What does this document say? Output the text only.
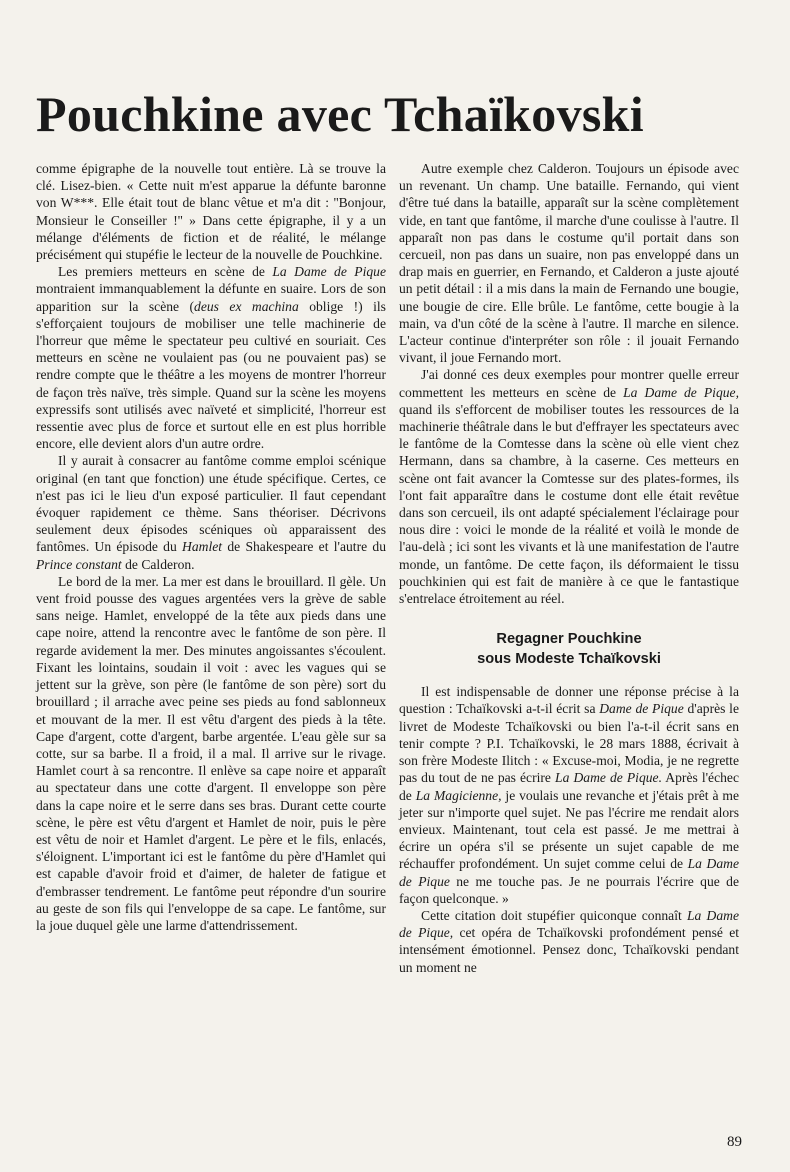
Pouchkine avec Tchaïkovski

comme épigraphe de la nouvelle tout entière. Là se trouve la clé. Lisez-bien. « Cette nuit m'est apparue la défunte baronne von W***. Elle était tout de blanc vêtue et m'a dit : ''Bonjour, Monsieur le Conseiller !'' » Dans cette épigraphe, il y a un mélange d'éléments de fiction et de réalité, le mélange précisément qui stupéfie le lecteur de la nouvelle de Pouchkine.

Les premiers metteurs en scène de La Dame de Pique montraient immanquablement la défunte en suaire. Lors de son apparition sur la scène (deus ex machina oblige !) ils s'efforçaient toujours de mobiliser une telle machinerie de l'horreur que même le spectateur peu cultivé en souriait. Ces metteurs en scène ne voulaient pas (ou ne pouvaient pas) se rendre compte que le théâtre a les moyens de montrer l'horreur de façon très naïve, très simple. Quand sur la scène les moyens expressifs sont utilisés avec naïveté et simplicité, l'horreur est ressentie avec plus de force et surtout elle en est plus horrible encore, elle devient alors d'un autre ordre.

Il y aurait à consacrer au fantôme comme emploi scénique original (en tant que fonction) une étude spécifique. Certes, ce n'est pas ici le lieu d'un exposé particulier. Il faut cependant évoquer rapidement ce thème. Sans théoriser. Décrivons seulement deux épisodes scéniques où apparaissent des fantômes. Un épisode du Hamlet de Shakespeare et l'autre du Prince constant de Calderon.

Le bord de la mer. La mer est dans le brouillard. Il gèle. Un vent froid pousse des vagues argentées vers la grève de sable sans neige. Hamlet, enveloppé de la tête aux pieds dans une cape noire, attend la rencontre avec le fantôme de son père. Il regarde avidement la mer. Des minutes angoissantes s'écoulent. Fixant les lointains, soudain il voit : avec les vagues qui se jettent sur la grève, son père (le fantôme de son père) sort du brouillard ; il arrache avec peine ses pieds au fond sablonneux et mouvant de la mer. Il est vêtu d'argent des pieds à la tête. Cape d'argent, cotte d'argent, barbe argentée. L'eau gèle sur sa cotte, sur sa barbe. Il a froid, il a mal. Il arrive sur le rivage. Hamlet court à sa rencontre. Il enlève sa cape noire et apparaît au spectateur dans une cotte d'argent. Il enveloppe son père dans la cape noire et le serre dans ses bras. Durant cette courte scène, le père est vêtu d'argent et Hamlet de noir, puis le père est vêtu de noir et Hamlet d'argent. Le père et le fils, enlacés, s'éloignent. L'important ici est le fantôme du père d'Hamlet qui est capable d'avoir froid et d'aimer, de haleter de fatigue et d'embrasser tendrement. Le fantôme peut répondre d'un sourire au geste de son fils qui l'enveloppe de sa cape. Le fantôme, sur la joue duquel gèle une larme d'attendrissement.

Autre exemple chez Calderon. Toujours un épisode avec un revenant. Un champ. Une bataille. Fernando, qui vient d'être tué dans la bataille, apparaît sur la scène complètement vide, en tant que fantôme, il marche d'une coulisse à l'autre. Il apparaît non pas dans le costume qu'il portait dans son cercueil, non pas dans un suaire, non pas enveloppé dans un drap mais en guerrier, en Fernando, et Calderon a juste ajouté un petit détail : il a mis dans la main de Fernando une bougie, une bougie de cire. Elle brûle. Le fantôme, cette bougie à la main, va d'un côté de la scène à l'autre. Il marche en silence. L'acteur continue d'interpréter son rôle : il jouait Fernando vivant, il joue Fernando mort.

J'ai donné ces deux exemples pour montrer quelle erreur commettent les metteurs en scène de La Dame de Pique, quand ils s'efforcent de mobiliser toutes les ressources de la machinerie théâtrale dans le but d'effrayer les spectateurs avec le fantôme de la Comtesse dans la scène où elle vient chez Hermann, dans sa chambre, à la caserne. Ces metteurs en scène ont fait avancer la Comtesse sur des plates-formes, ils l'ont fait apparaître dans le costume dont elle était revêtue dans son cercueil, ils ont adapté spécialement l'éclairage pour nous dire : voici le monde de la réalité et voilà le monde de l'au-delà ; ici sont les vivants et là une manifestation de l'autre monde, un fantôme. De cette façon, ils déformaient le tissu pouchkinien qui est fait de manière à ce que le fantastique s'entrelace étroitement au réel.

Regagner Pouchkine
sous Modeste Tchaïkovski

Il est indispensable de donner une réponse précise à la question : Tchaïkovski a-t-il écrit sa Dame de Pique d'après le livret de Modeste Tchaïkovski ou bien l'a-t-il écrit sans en tenir compte ? P.I. Tchaïkovski, le 28 mars 1888, écrivait à son frère Modeste Ilitch : « Excuse-moi, Modia, je ne regrette pas du tout de ne pas écrire La Dame de Pique. Après l'échec de La Magicienne, je voulais une revanche et j'étais prêt à me jeter sur n'importe quel sujet. Ne pas l'écrire me rendait alors envieux. Maintenant, tout cela est passé. Je me mettrai à écrire un opéra s'il se présente un sujet capable de me réchauffer profondément. Un sujet comme celui de La Dame de Pique ne me touche pas. Je ne pourrais l'écrire que de façon quelconque. »

Cette citation doit stupéfier quiconque connaît La Dame de Pique, cet opéra de Tchaïkovski profondément pensé et intensément émotionnel. Pensez donc, Tchaïkovski pendant un moment ne

89
